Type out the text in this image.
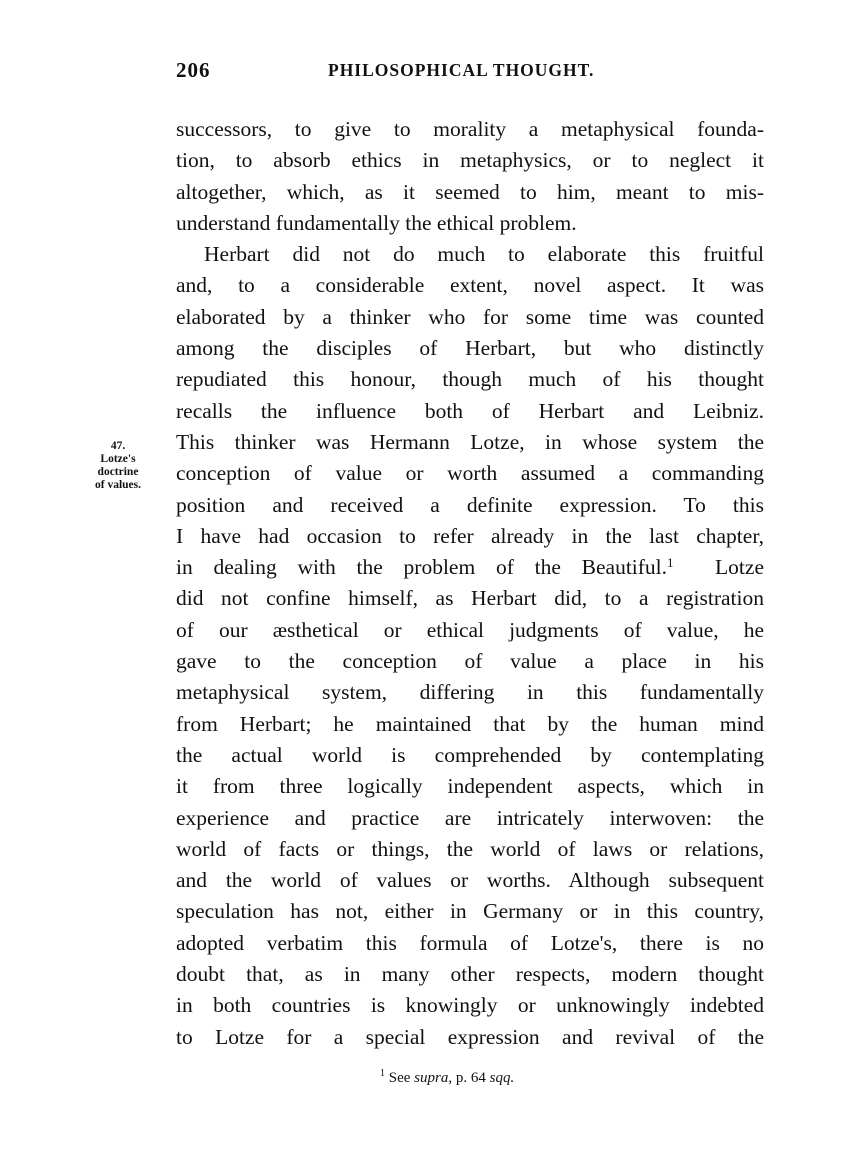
206	PHILOSOPHICAL THOUGHT.
47.
Lotze's
doctrine
of values.
successors, to give to morality a metaphysical founda-
tion, to absorb ethics in metaphysics, or to neglect it
altogether, which, as it seemed to him, meant to mis-
understand fundamentally the ethical problem.
Herbart did not do much to elaborate this fruitful
and, to a considerable extent, novel aspect. It was
elaborated by a thinker who for some time was counted
among the disciples of Herbart, but who distinctly
repudiated this honour, though much of his thought
recalls the influence both of Herbart and Leibniz.
This thinker was Hermann Lotze, in whose system the
conception of value or worth assumed a commanding
position and received a definite expression. To this
I have had occasion to refer already in the last chapter,
in dealing with the problem of the Beautiful.$^1$  Lotze
did not confine himself, as Herbart did, to a registration
of our æsthetical or ethical judgments of value, he
gave to the conception of value a place in his
metaphysical system, differing in this fundamentally
from Herbart; he maintained that by the human mind
the actual world is comprehended by contemplating
it from three logically independent aspects, which in
experience and practice are intricately interwoven: the
world of facts or things, the world of laws or relations,
and the world of values or worths. Although subsequent
speculation has not, either in Germany or in this country,
adopted verbatim this formula of Lotze's, there is no
doubt that, as in many other respects, modern thought
in both countries is knowingly or unknowingly indebted
to Lotze for a special expression and revival of the
$^1$ See supra, p. 64 sqq.
